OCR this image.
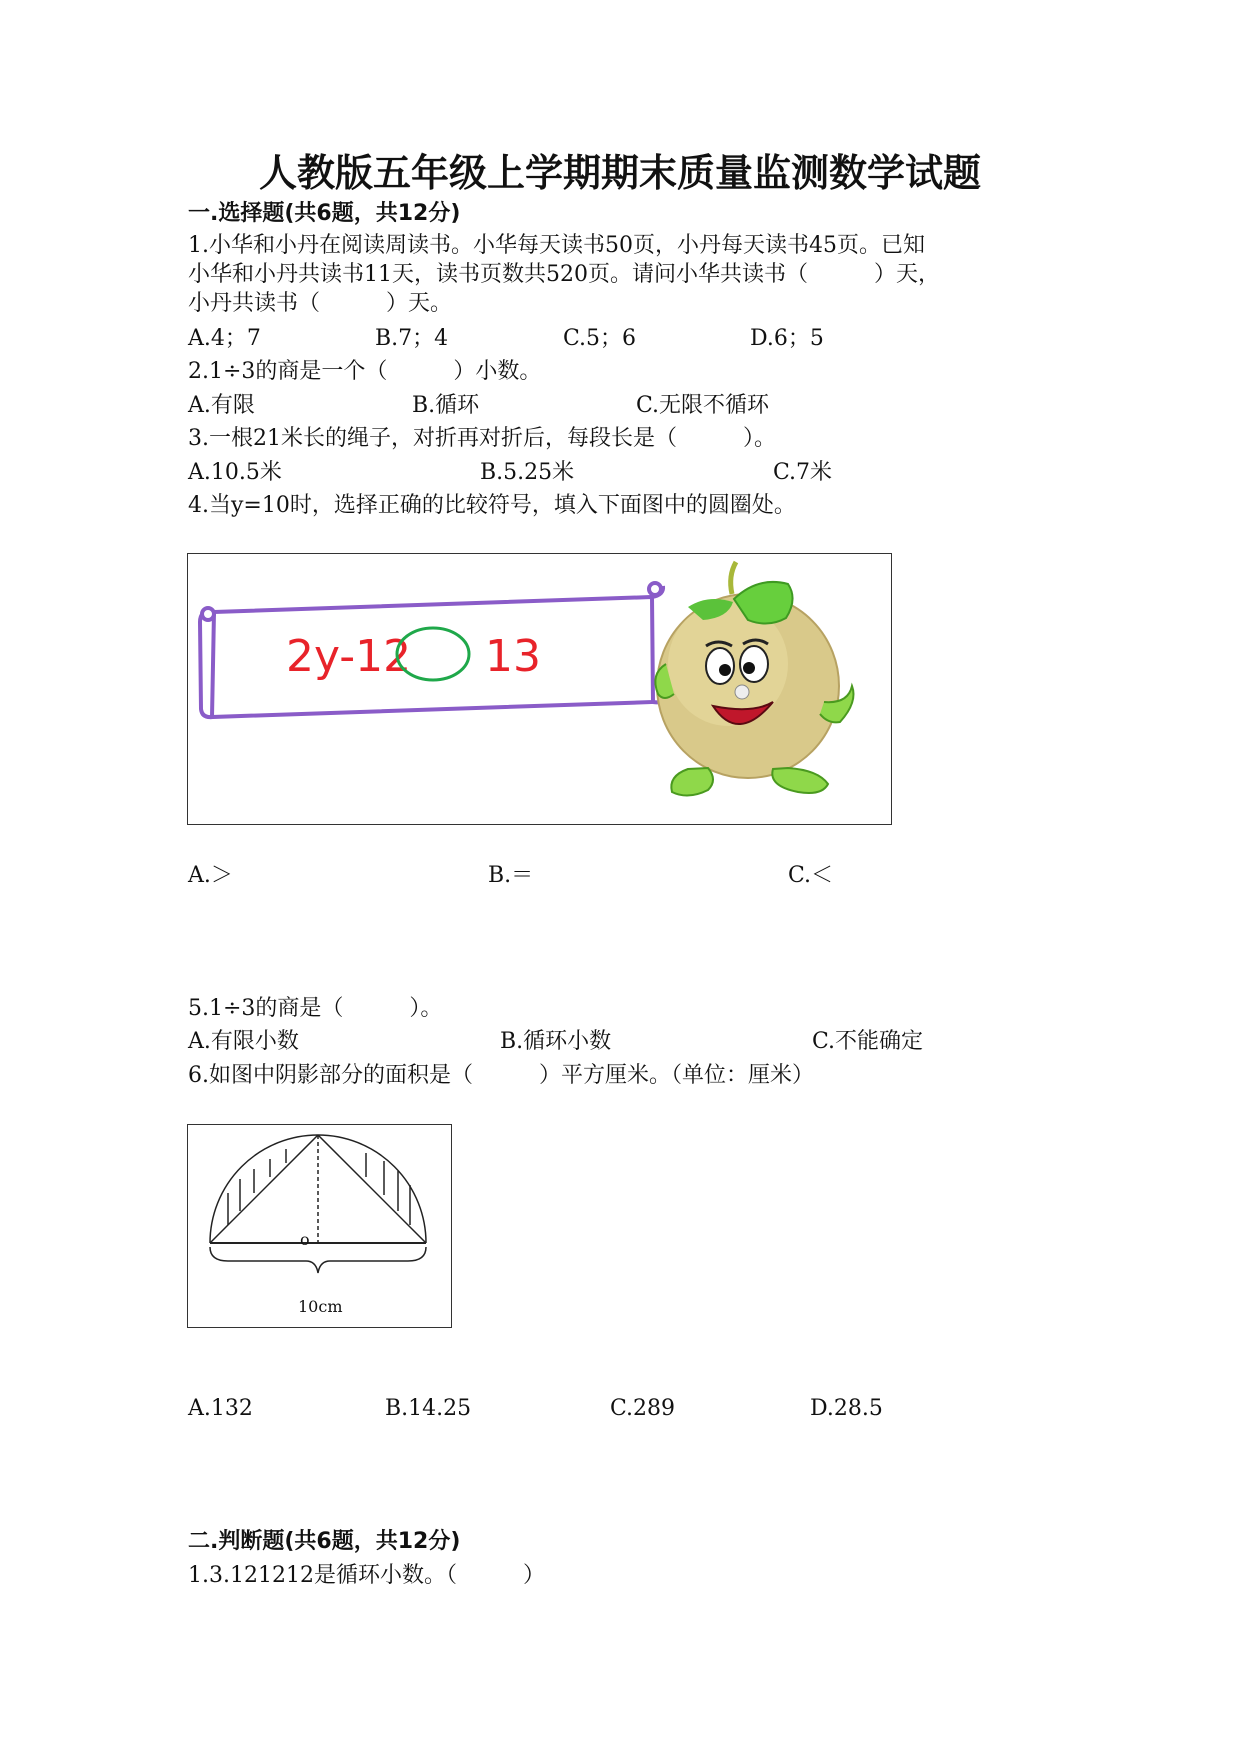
人教版五年级上学期期末质量监测数学试题
一.选择题(共6题，共12分)
1.小华和小丹在阅读周读书。小华每天读书50页，小丹每天读书45页。已知
小华和小丹共读书11天，读书页数共520页。请问小华共读书（　　　）天，
小丹共读书（　　　）天。
A.4；7	B.7；4	C.5；6	D.6；5
2.1÷3的商是一个（　　　）小数。
A.有限	B.循环	C.无限不循环
3.一根21米长的绳子，对折再对折后，每段长是（　　　）。
A.10.5米	B.5.25米	C.7米
4.当y=10时，选择正确的比较符号，填入下面图中的圆圈处。
2y-12 13
A.＞	B.＝	C.＜
5.1÷3的商是（　　　）。
A.有限小数	B.循环小数	C.不能确定
6.如图中阴影部分的面积是（　　　）平方厘米。（单位：厘米）
o
10cm
A.132	B.14.25	C.289	D.28.5
二.判断题(共6题，共12分)
1.3.121212是循环小数。（　　　）
